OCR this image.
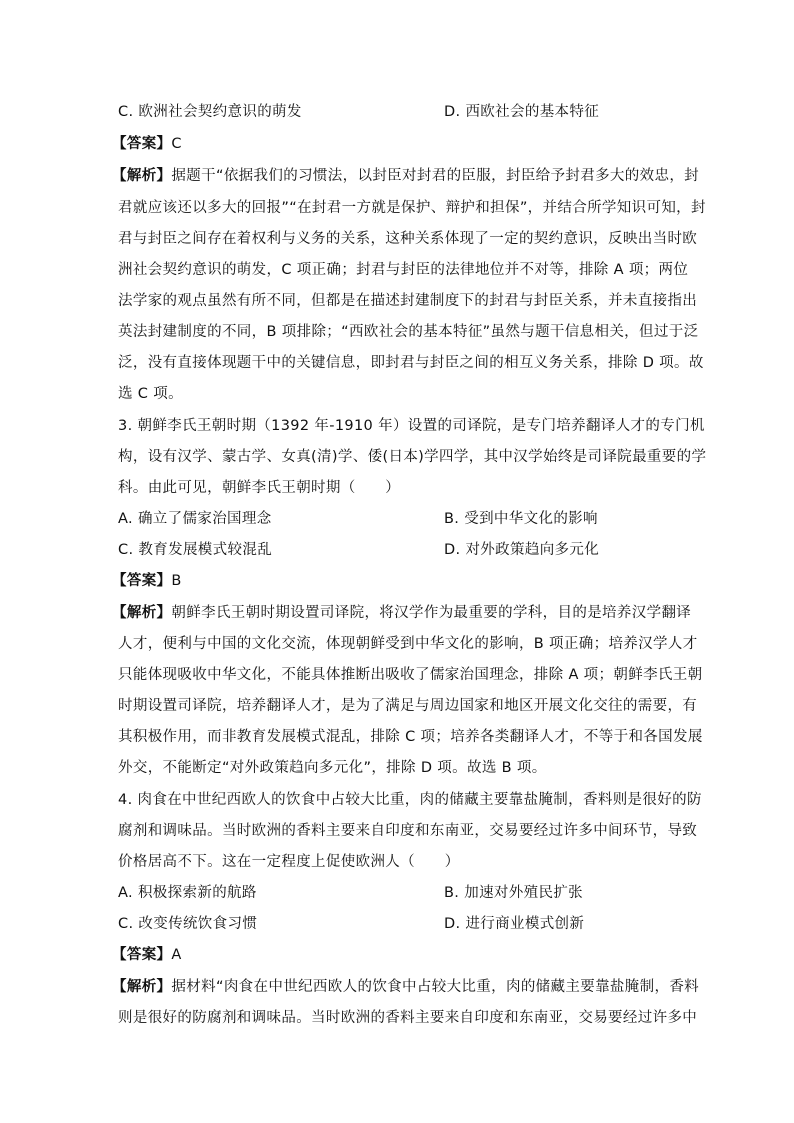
C. 欧洲社会契约意识的萌发	D. 西欧社会的基本特征
【答案】C
【解析】据题干“依据我们的习惯法，以封臣对封君的臣服，封臣给予封君多大的效忠，封
君就应该还以多大的回报”“在封君一方就是保护、辩护和担保”，并结合所学知识可知，封
君与封臣之间存在着权利与义务的关系，这种关系体现了一定的契约意识，反映出当时欧
洲社会契约意识的萌发，C 项正确；封君与封臣的法律地位并不对等，排除 A 项；两位
法学家的观点虽然有所不同，但都是在描述封建制度下的封君与封臣关系，并未直接指出
英法封建制度的不同，B 项排除；“西欧社会的基本特征”虽然与题干信息相关，但过于泛
泛，没有直接体现题干中的关键信息，即封君与封臣之间的相互义务关系，排除 D 项。故
选 C 项。
3. 朝鲜李氏王朝时期（1392 年-1910 年）设置的司译院，是专门培养翻译人才的专门机
构，设有汉学、蒙古学、女真(清)学、倭(日本)学四学，其中汉学始终是司译院最重要的学
科。由此可见，朝鲜李氏王朝时期（　　）
A. 确立了儒家治国理念	B. 受到中华文化的影响
C. 教育发展模式较混乱	D. 对外政策趋向多元化
【答案】B
【解析】朝鲜李氏王朝时期设置司译院，将汉学作为最重要的学科，目的是培养汉学翻译
人才，便利与中国的文化交流，体现朝鲜受到中华文化的影响，B 项正确；培养汉学人才
只能体现吸收中华文化，不能具体推断出吸收了儒家治国理念，排除 A 项；朝鲜李氏王朝
时期设置司译院，培养翻译人才，是为了满足与周边国家和地区开展文化交往的需要，有
其积极作用，而非教育发展模式混乱，排除 C 项；培养各类翻译人才，不等于和各国发展
外交，不能断定“对外政策趋向多元化”，排除 D 项。故选 B 项。
4. 肉食在中世纪西欧人的饮食中占较大比重，肉的储藏主要靠盐腌制，香料则是很好的防
腐剂和调味品。当时欧洲的香料主要来自印度和东南亚，交易要经过许多中间环节，导致
价格居高不下。这在一定程度上促使欧洲人（　　）
A. 积极探索新的航路	B. 加速对外殖民扩张
C. 改变传统饮食习惯	D. 进行商业模式创新
【答案】A
【解析】据材料“肉食在中世纪西欧人的饮食中占较大比重，肉的储藏主要靠盐腌制，香料
则是很好的防腐剂和调味品。当时欧洲的香料主要来自印度和东南亚，交易要经过许多中
